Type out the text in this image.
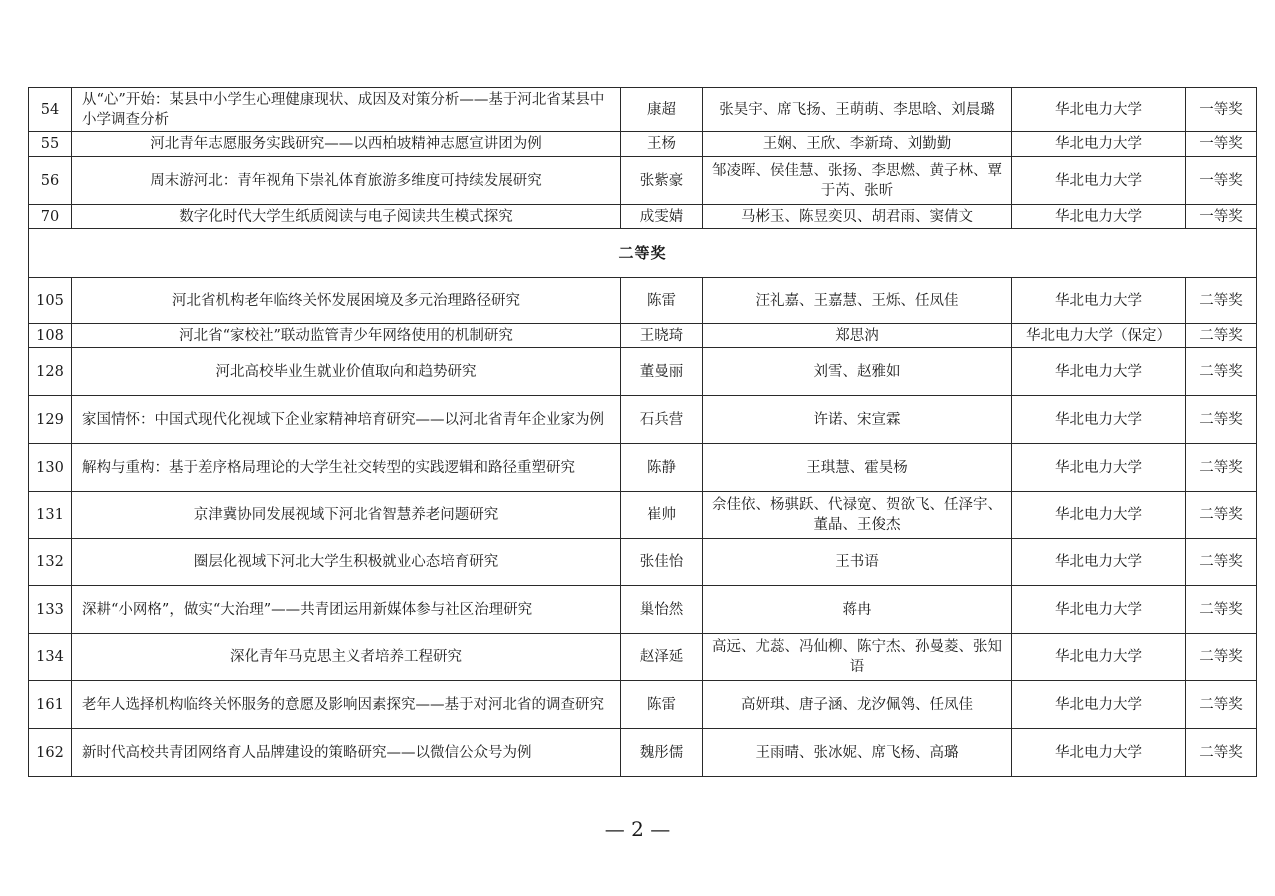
54	从“心”开始：某县中小学生心理健康现状、成因及对策分析——基于河北省某县中小学调查分析	康超	张昊宇、席飞扬、王萌萌、李思晗、刘晨璐	华北电力大学	一等奖
55	河北青年志愿服务实践研究——以西柏坡精神志愿宣讲团为例	王杨	王娴、王欣、李新琦、刘勤勤	华北电力大学	一等奖
56	周末游河北：青年视角下崇礼体育旅游多维度可持续发展研究	张紫豪	邹凌晖、侯佳慧、张扬、李思燃、黄子林、覃于芮、张昕	华北电力大学	一等奖
70	数字化时代大学生纸质阅读与电子阅读共生模式探究	成雯婧	马彬玉、陈昱奕贝、胡君雨、窦倩文	华北电力大学	一等奖
二等奖					
105	河北省机构老年临终关怀发展困境及多元治理路径研究	陈雷	汪礼嘉、王嘉慧、王烁、任凤佳	华北电力大学	二等奖
108	河北省“家校社”联动监管青少年网络使用的机制研究	王晓琦	郑思汭	华北电力大学（保定）	二等奖
128	河北高校毕业生就业价值取向和趋势研究	董曼丽	刘雪、赵雅如	华北电力大学	二等奖
129	家国情怀：中国式现代化视域下企业家精神培育研究——以河北省青年企业家为例	石兵营	许诺、宋宣霖	华北电力大学	二等奖
130	解构与重构：基于差序格局理论的大学生社交转型的实践逻辑和路径重塑研究	陈静	王琪慧、霍昊杨	华北电力大学	二等奖
131	京津冀协同发展视域下河北省智慧养老问题研究	崔帅	佘佳依、杨骐跃、代禄宽、贺欲飞、任泽宇、董晶、王俊杰	华北电力大学	二等奖
132	圈层化视域下河北大学生积极就业心态培育研究	张佳怡	王书语	华北电力大学	二等奖
133	深耕“小网格”，做实“大治理”——共青团运用新媒体参与社区治理研究	巢怡然	蒋冉	华北电力大学	二等奖
134	深化青年马克思主义者培养工程研究	赵泽延	高远、尤蕊、冯仙柳、陈宁杰、孙曼菱、张知语	华北电力大学	二等奖
161	老年人选择机构临终关怀服务的意愿及影响因素探究——基于对河北省的调查研究	陈雷	高妍琪、唐子涵、龙汐佩鸰、任凤佳	华北电力大学	二等奖
162	新时代高校共青团网络育人品牌建设的策略研究——以微信公众号为例	魏彤儒	王雨晴、张冰妮、席飞杨、高璐	华北电力大学	二等奖
— 2 —
